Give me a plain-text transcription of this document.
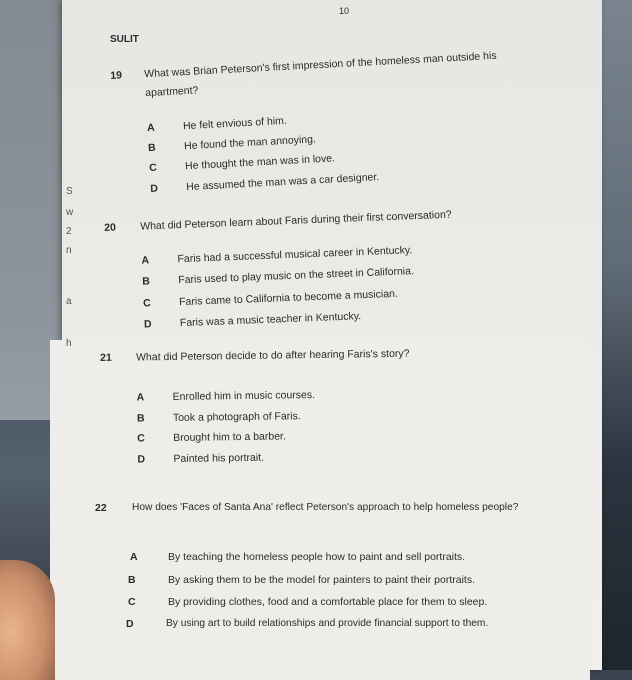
S
w
2
n
a
h
10
SULIT
19 What was Brian Peterson's first impression of the homeless man outside his
apartment?
A	He felt envious of him.
B	He found the man annoying.
C	He thought the man was in love.
D	He assumed the man was a car designer.
20 What did Peterson learn about Faris during their first conversation?
A	Faris had a successful musical career in Kentucky.
B	Faris used to play music on the street in California.
C	Faris came to California to become a musician.
D	Faris was a music teacher in Kentucky.
21 What did Peterson decide to do after hearing Faris's story?
A	Enrolled him in music courses.
B	Took a photograph of Faris.
C	Brought him to a barber.
D	Painted his portrait.
22 How does 'Faces of Santa Ana' reflect Peterson's approach to help homeless people?
A	By teaching the homeless people how to paint and sell portraits.
B	By asking them to be the model for painters to paint their portraits.
C	By providing clothes, food and a comfortable place for them to sleep.
D	By using art to build relationships and provide financial support to them.
